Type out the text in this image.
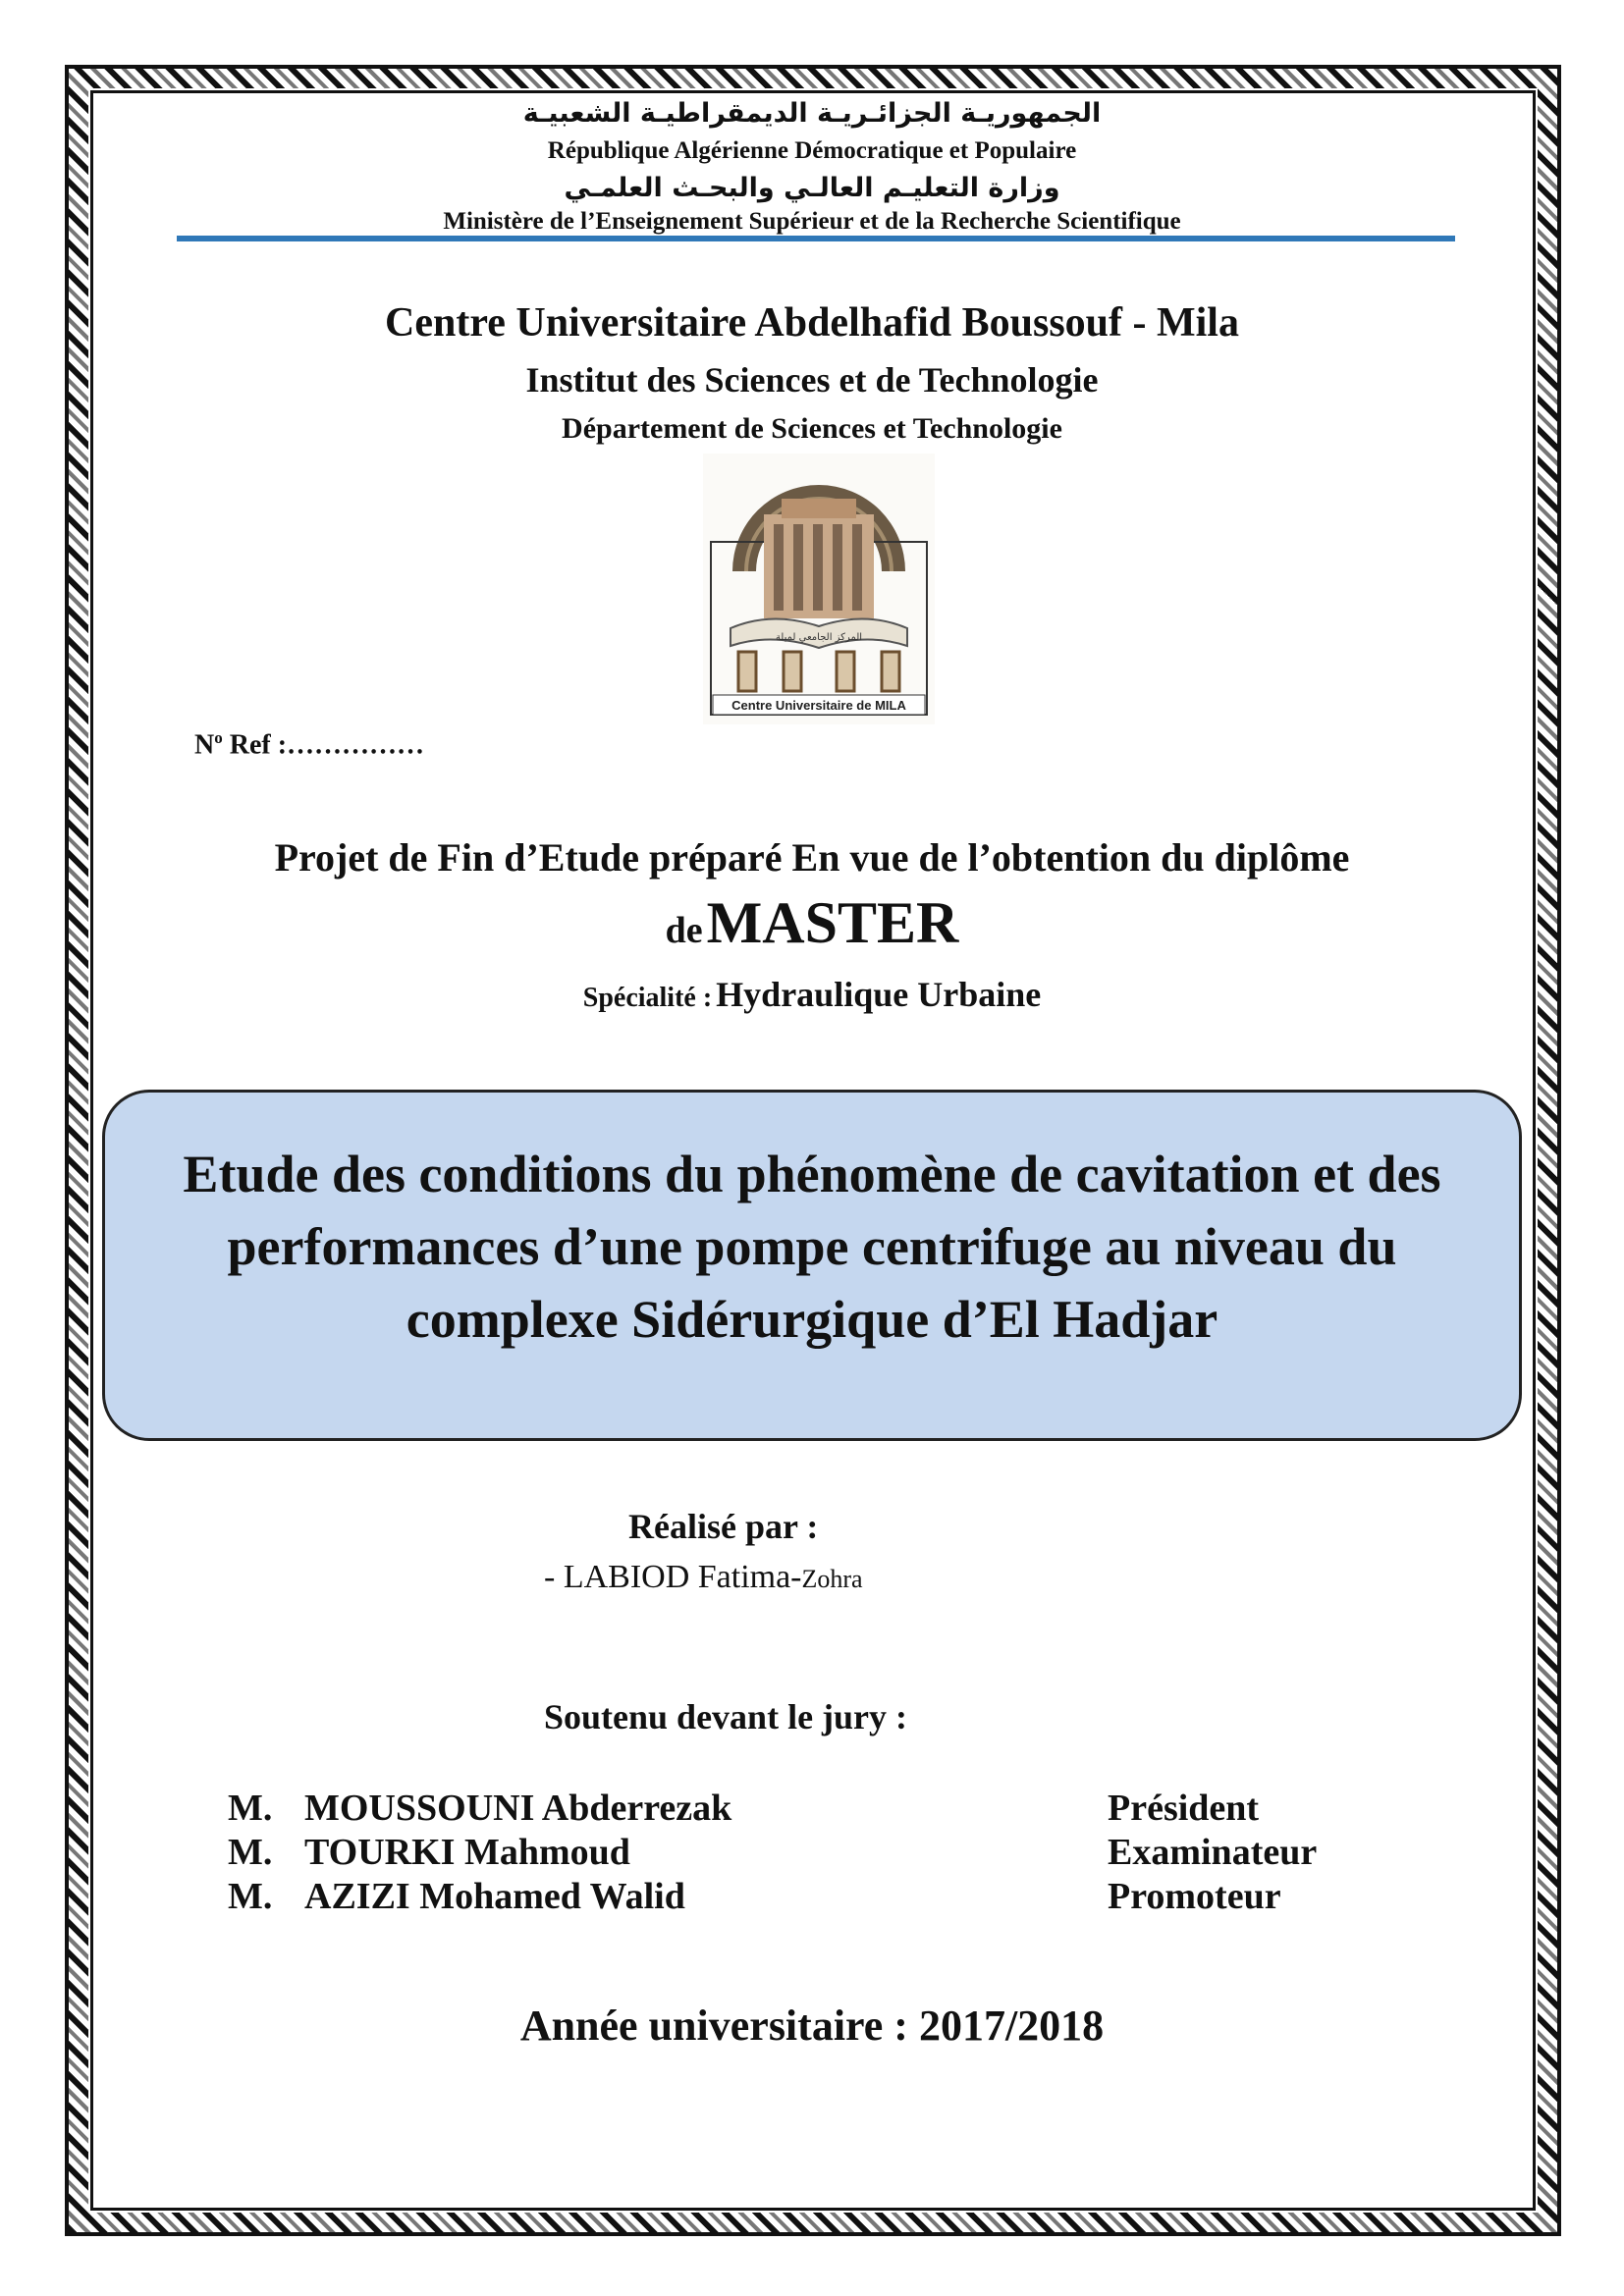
الجمهوريـة الجزائـريـة الديمقراطيـة الشعبيـة
République Algérienne Démocratique et Populaire
وزارة التعليـم العالـي والبحـث العلمـي
Ministère de l’Enseignement Supérieur et de la Recherche Scientifique
Centre Universitaire Abdelhafid Boussouf - Mila
Institut des Sciences et de Technologie
Département de Sciences et Technologie
المركز الجامعي لميلة
Centre Universitaire de MILA
$N^o$ Ref :……………
Projet de Fin d’Etude préparé En vue de l’obtention du diplôme
de MASTER
Spécialité : Hydraulique Urbaine
Etude des conditions du phénomène de cavitation et des
performances d’une pompe centrifuge au niveau du
complexe Sidérurgique d’El Hadjar
Réalisé par :
- LABIOD Fatima-Zohra
Soutenu devant le jury :
M. MOUSSOUNI Abderrezak	Président
M. TOURKI Mahmoud	Examinateur
M. AZIZI Mohamed Walid	Promoteur
Année universitaire : 2017/2018
